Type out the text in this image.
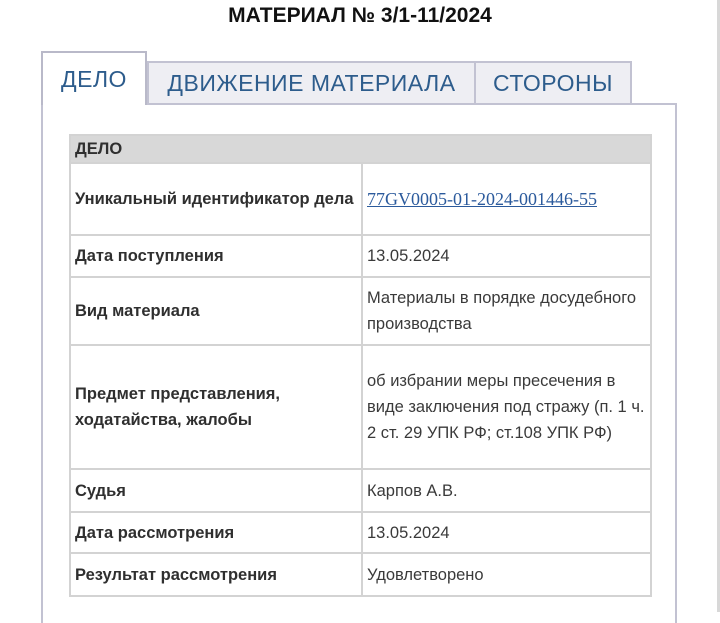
МАТЕРИАЛ № 3/1-11/2024
ДЕЛО	ДВИЖЕНИЕ МАТЕРИАЛА	СТОРОНЫ
ДЕЛО	
Уникальный идентификатор дела	77GV0005-01-2024-001446-55
Дата поступления	13.05.2024
Вид материала	Материалы в порядке досудебного производства
Предмет представления, ходатайства, жалобы	об избрании меры пресечения в виде заключения под стражу (п. 1 ч. 2 ст. 29 УПК РФ; ст.108 УПК РФ)
Судья	Карпов А.В.
Дата рассмотрения	13.05.2024
Результат рассмотрения	Удовлетворено
